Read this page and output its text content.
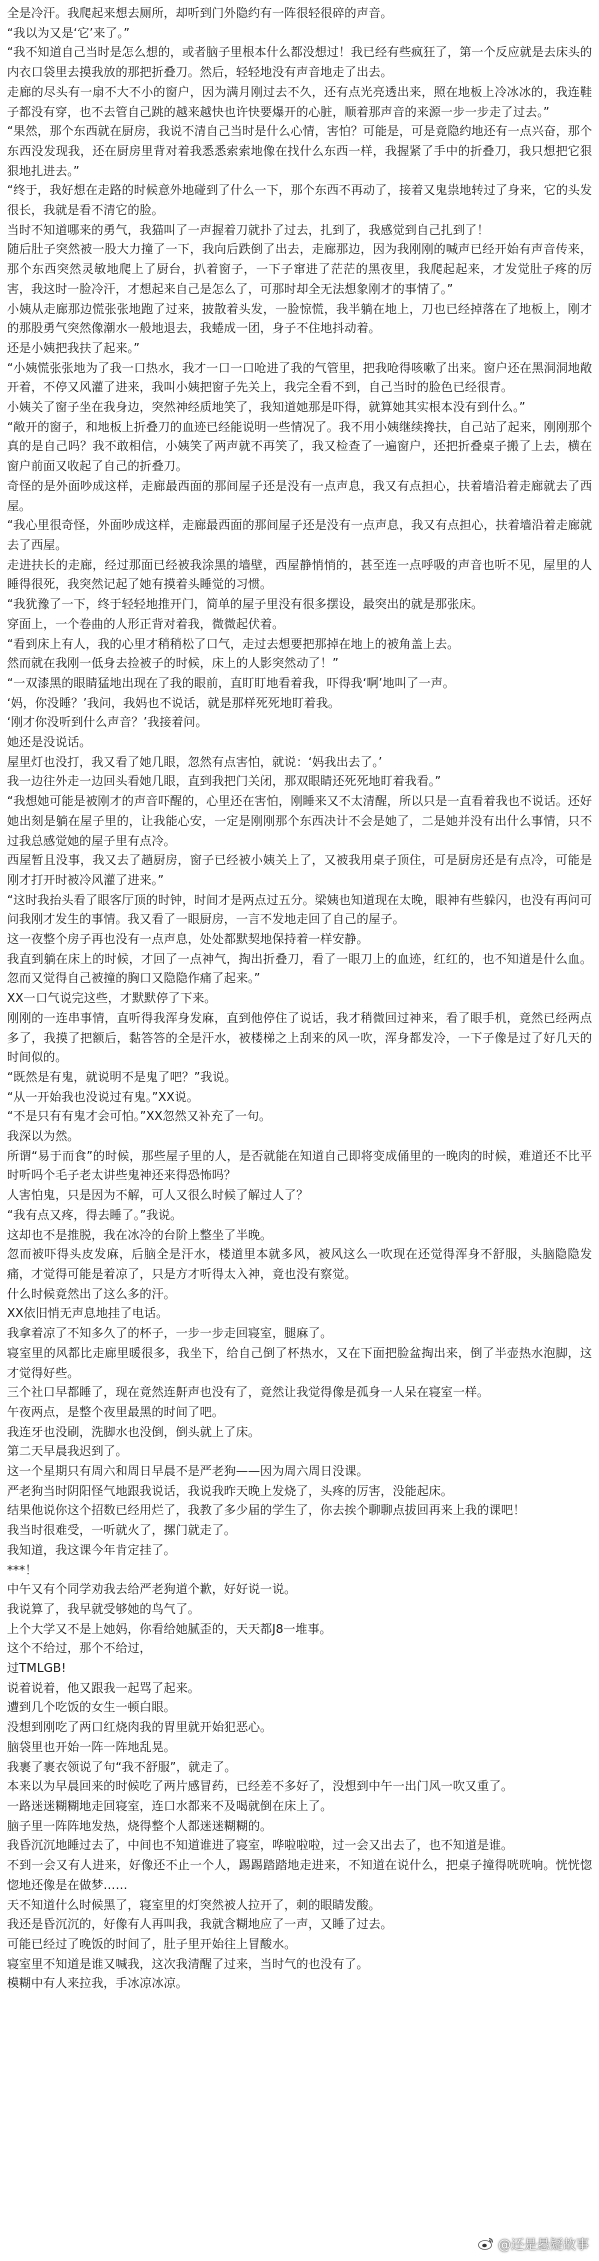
全是冷汗。我爬起来想去厕所，却听到门外隐约有一阵很轻很碎的声音。

“我以为又是‘它’来了。”

“我不知道自己当时是怎么想的，或者脑子里根本什么都没想过！我已经有些疯狂了，第一个反应就是去床头的内衣口袋里去摸我放的那把折叠刀。然后，轻轻地没有声音地走了出去。

走廊的尽头有一扇不大不小的窗户，因为满月刚过去不久，还有点光亮透出来，照在地板上冷冰冰的，我连鞋子都没有穿，也不去管自己跳的越来越快也许快要爆开的心脏，顺着那声音的来源一步一步走了过去。”

“果然，那个东西就在厨房，我说不清自己当时是什么心情，害怕？可能是，可是竟隐约地还有一点兴奋，那个东西没发现我，还在厨房里背对着我悉悉索索地像在找什么东西一样，我握紧了手中的折叠刀，我只想把它狠狠地扎进去。”

“终于，我好想在走路的时候意外地碰到了什么一下，那个东西不再动了，接着又鬼祟地转过了身来，它的头发很长，我就是看不清它的脸。

当时不知道哪来的勇气，我猫叫了一声握着刀就扑了过去，扎到了，我感觉到自己扎到了！

随后肚子突然被一股大力撞了一下，我向后跌倒了出去，走廊那边，因为我刚刚的喊声已经开始有声音传来，那个东西突然灵敏地爬上了厨台，扒着窗子，一下子窜进了茫茫的黑夜里，我爬起起来，才发觉肚子疼的厉害，我这时一脸冷汗，才想起来自己是怎么了，可那时却全无法想象刚才的事情了。”

小姨从走廊那边慌张张地跑了过来，披散着头发，一脸惊慌，我半躺在地上，刀也已经掉落在了地板上，刚才的那股勇气突然像潮水一般地退去，我蜷成一团，身子不住地抖动着。

还是小姨把我扶了起来。”

“小姨慌张张地为了我一口热水，我才一口一口呛进了我的气管里，把我呛得咳嗽了出来。窗户还在黑洞洞地敞开着，不停又风灌了进来，我叫小姨把窗子先关上，我完全看不到，自己当时的脸色已经很青。

小姨关了窗子坐在我身边，突然神经质地笑了，我知道她那是吓得，就算她其实根本没有到什么。”

“敞开的窗子，和地板上折叠刀的血迹已经能说明一些情况了。我不用小姨继续搀扶，自己站了起来，刚刚那个真的是自己吗？我不敢相信，小姨笑了两声就不再笑了，我又检查了一遍窗户，还把折叠桌子搬了上去，横在窗户前面又收起了自己的折叠刀。

奇怪的是外面吵成这样，走廊最西面的那间屋子还是没有一点声息，我又有点担心，扶着墙沿着走廊就去了西屋。

“我心里很奇怪，外面吵成这样，走廊最西面的那间屋子还是没有一点声息，我又有点担心，扶着墙沿着走廊就去了西屋。

走进扶长的走廊，经过那面已经被我涂黑的墙壁，西屋静悄悄的，甚至连一点呼吸的声音也听不见，屋里的人睡得很死，我突然记起了她有摸着头睡觉的习惯。

“我犹豫了一下，终于轻轻地推开门，简单的屋子里没有很多摆设，最突出的就是那张床。

穿面上，一个卷曲的人形正背对着我，微微起伏着。

“看到床上有人，我的心里才稍稍松了口气，走过去想要把那掉在地上的被角盖上去。

然而就在我刚一低身去捡被子的时候，床上的人影突然动了！”

“一双漆黑的眼睛猛地出现在了我的眼前，直盯盯地看着我，吓得我‘啊’地叫了一声。

‘妈，你没睡？’我问，我妈也不说话，就是那样死死地盯着我。

‘刚才你没听到什么声音？’我接着问。

她还是没说话。

屋里灯也没打，我又看了她几眼，忽然有点害怕，就说：‘妈我出去了。’

我一边往外走一边回头看她几眼，直到我把门关闭，那双眼睛还死死地盯着我看。”

“我想她可能是被刚才的声音吓醒的，心里还在害怕，刚睡来又不太清醒，所以只是一直看着我也不说话。还好她出刻是躺在屋子里的，让我能心安，一定是刚刚那个东西决计不会是她了，二是她并没有出什么事情，只不过我总感觉她的屋子里有点冷。

西屋暂且没事，我又去了趟厨房，窗子已经被小姨关上了，又被我用桌子顶住，可是厨房还是有点冷，可能是刚才打开时被冷风灌了进来。”

“这时我抬头看了眼客厅顶的时钟，时间才是两点过五分。梁姨也知道现在太晚，眼神有些躲闪，也没有再问可问我刚才发生的事情。我又看了一眼厨房，一言不发地走回了自己的屋子。

这一夜整个房子再也没有一点声息，处处都默契地保持着一样安静。

我直到躺在床上的时候，才回了一点神气，掏出折叠刀，看了一眼刀上的血迹，红红的，也不知道是什么血。忽而又觉得自己被撞的胸口又隐隐作痛了起来。”

XX一口气说完这些，才默默停了下来。

刚刚的一连串事情，直听得我浑身发麻，直到他停住了说话，我才稍微回过神来，看了眼手机，竟然已经两点多了，我摸了把额后，黏答答的全是汗水，被楼梯之上刮来的风一吹，浑身都发冷，一下子像是过了好几天的时间似的。

“既然是有鬼，就说明不是鬼了吧？”我说。

“从一开始我也没说过有鬼。”XX说。

“不是只有有鬼才会可怕。”XX忽然又补充了一句。

我深以为然。

所谓“易于而食”的时候，那些屋子里的人，是否就能在知道自己即将变成俑里的一晚肉的时候，难道还不比平时听吗个毛子老太讲些鬼神还来得恐怖吗？

人害怕鬼，只是因为不解，可人又很么时候了解过人了？

“我有点又疼，得去睡了。”我说。

这却也不是推脱，我在冰冷的台阶上整坐了半晚。

忽而被吓得头皮发麻，后脑全是汗水，楼道里本就多风，被风这么一吹现在还觉得浑身不舒服，头脑隐隐发痛，才觉得可能是着凉了，只是方才听得太入神，竟也没有察觉。

什么时候竟然出了这么多的汗。

XX依旧悄无声息地挂了电话。

我拿着凉了不知多久了的杯子，一步一步走回寝室，腿麻了。

寝室里的风都比走廊里暖很多，我坐下，给自己倒了杯热水，又在下面把脸盆掏出来，倒了半壶热水泡脚，这才觉得好些。

三个社口早都睡了，现在竟然连鼾声也没有了，竟然让我觉得像是孤身一人呆在寝室一样。

午夜两点，是整个夜里最黑的时间了吧。

我连牙也没刷，洗脚水也没倒，倒头就上了床。

第二天早晨我迟到了。

这一个星期只有周六和周日早晨不是严老狗——因为周六周日没课。

严老狗当时阴阳怪气地跟我说话，我说我昨天晚上发烧了，头疼的厉害，没能起床。

结果他说你这个招数已经用烂了，我教了多少届的学生了，你去挨个聊聊点拔回再来上我的课吧！

我当时很难受，一听就火了，摞门就走了。

我知道，我这课今年肯定挂了。

***！

中午又有个同学劝我去给严老狗道个歉，好好说一说。

我说算了，我早就受够她的鸟气了。

上个大学又不是上她妈，你看给她腻歪的，天天都J8一堆事。

这个不给过，那个不给过，

过TMLGB!

说着说着，他又跟我一起骂了起来。

遭到几个吃饭的女生一顿白眼。

没想到刚吃了两口红烧肉我的胃里就开始犯恶心。

脑袋里也开始一阵一阵地乱晃。

我裹了裹衣领说了句“我不舒服”，就走了。

本来以为早晨回来的时候吃了两片感冒药，已经差不多好了，没想到中午一出门风一吹又重了。

一路迷迷糊糊地走回寝室，连口水都来不及喝就倒在床上了。

脑子里一阵阵地发热，烧得整个人都迷迷糊糊的。

我昏沉沉地睡过去了，中间也不知道谁进了寝室，哗啦啦啦，过一会又出去了，也不知道是谁。

不到一会又有人进来，好像还不止一个人，踢踢踏踏地走进来，不知道在说什么，把桌子撞得咣咣响。恍恍惚惚地还像是在做梦……

天不知道什么时候黑了，寝室里的灯突然被人拉开了，刺的眼睛发酸。

我还是昏沉沉的，好像有人再叫我，我就含糊地应了一声，又睡了过去。

可能已经过了晚饭的时间了，肚子里开始往上冒酸水。

寝室里不知道是谁又喊我，这次我清醒了过来，当时气的也没有了。

模糊中有人来拉我，手冰凉冰凉。

@还是悬疑故事
